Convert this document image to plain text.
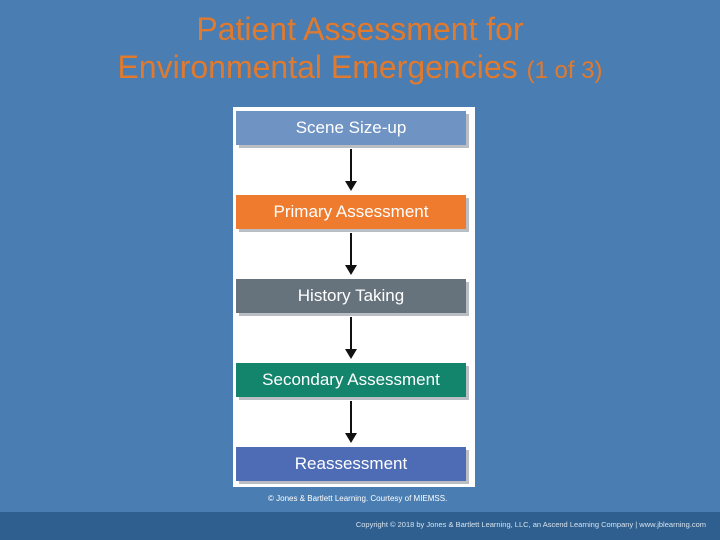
Patient Assessment for
Environmental Emergencies (1 of 3)
Scene Size-up
Primary Assessment
History Taking
Secondary Assessment
Reassessment
© Jones & Bartlett Learning. Courtesy of MIEMSS.
Copyright © 2018 by Jones & Bartlett Learning, LLC, an Ascend Learning Company | www.jblearning.com
